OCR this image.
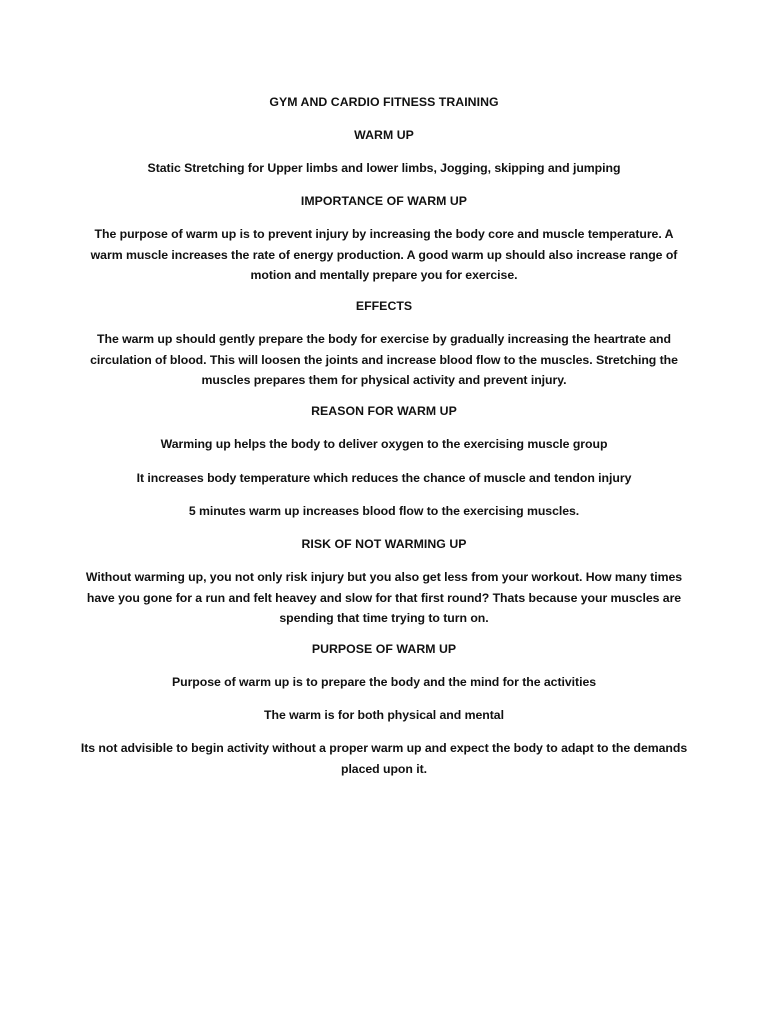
GYM AND CARDIO FITNESS TRAINING
WARM UP
Static Stretching for Upper limbs and lower limbs, Jogging, skipping and jumping
IMPORTANCE OF WARM UP
The purpose of warm up is to prevent injury by increasing the body core and muscle temperature. A warm muscle increases the rate of energy production. A good warm up should also increase range of motion and mentally prepare you for exercise.
EFFECTS
The warm up should gently prepare the body for exercise by gradually increasing the heartrate and circulation of blood. This will loosen the joints and increase blood flow to the muscles. Stretching the muscles prepares them for physical activity and prevent injury.
REASON FOR WARM UP
Warming up helps the body to deliver oxygen to the exercising muscle group
It increases body temperature which reduces the chance of muscle and tendon injury
5 minutes warm up increases blood flow to the exercising muscles.
RISK OF NOT WARMING UP
Without warming up, you not only risk injury but you also get less from your workout. How many times have you gone for a run and felt heavey and slow for that first round? Thats because your muscles are spending that time trying to turn on.
PURPOSE OF WARM UP
Purpose of warm up is to prepare the body and the mind for the activities
The warm is for both physical and mental
Its not advisible to begin activity without a proper warm up and expect the body to adapt to the demands placed upon it.
